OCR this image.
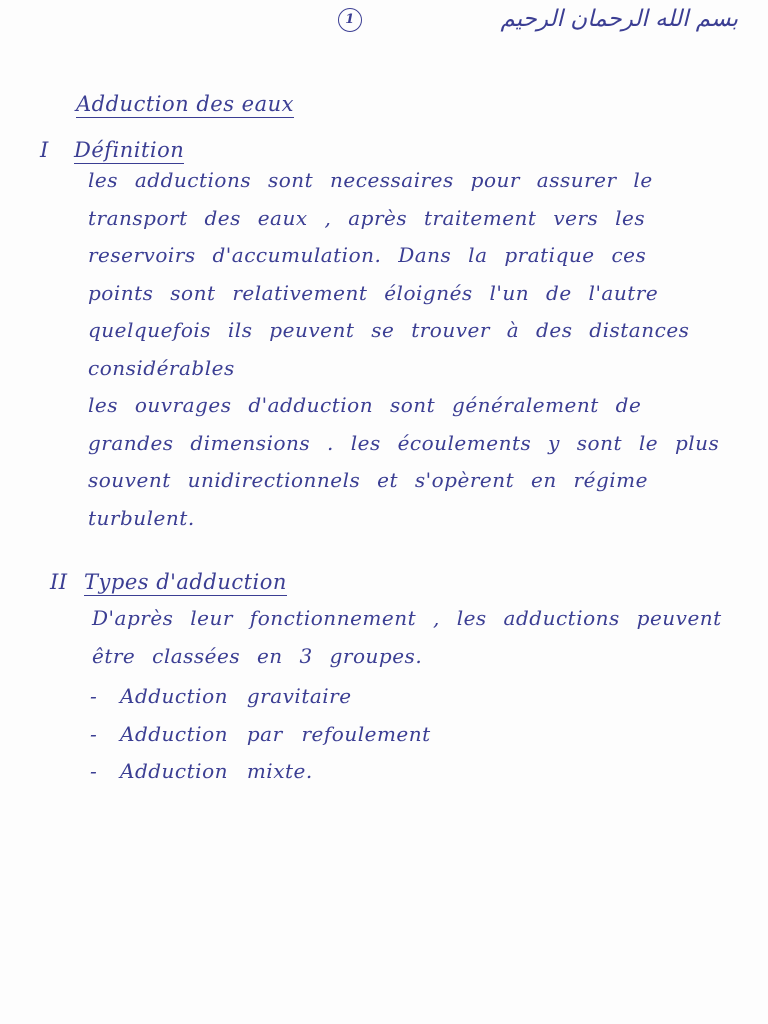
1	بسم الله الرحمان الرحيم
Adduction des eaux
I Définition
les adductions sont necessaires pour assurer le
transport des eaux , après traitement vers les
reservoirs d'accumulation. Dans la pratique ces
points sont relativement éloignés l'un de l'autre
quelquefois ils peuvent se trouver à des distances
considérables
les ouvrages d'adduction sont généralement de
grandes dimensions . les écoulements y sont le plus
souvent unidirectionnels et s'opèrent en régime
turbulent.
II Types d'adduction
D'après leur fonctionnement , les adductions peuvent
être classées en 3 groupes.
- Adduction gravitaire
- Adduction par refoulement
- Adduction mixte.
